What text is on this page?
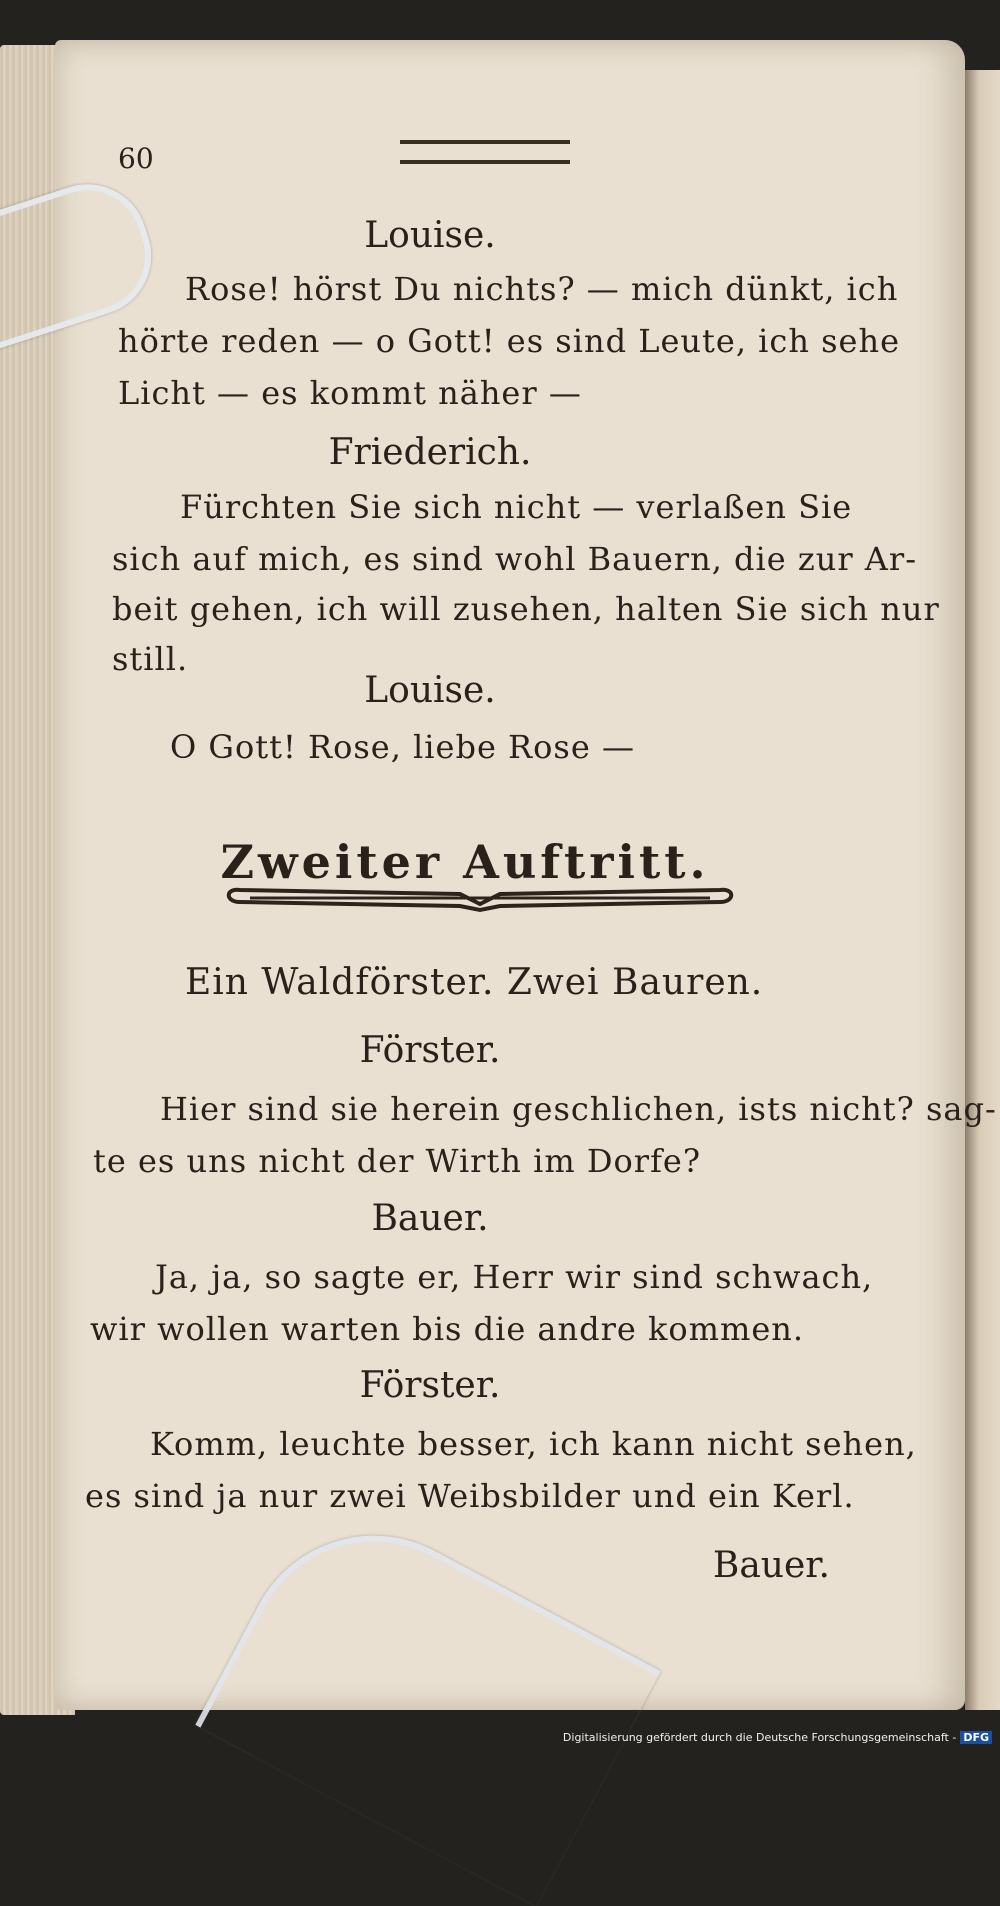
60
Louise.
Rose! hörst Du nichts? — mich dünkt, ich
hörte reden — o Gott! es sind Leute, ich sehe
Licht — es kommt näher —
Friederich.
Fürchten Sie sich nicht — verlaßen Sie
sich auf mich, es sind wohl Bauern, die zur Ar-
beit gehen, ich will zusehen, halten Sie sich nur
still.
Louise.
O Gott! Rose, liebe Rose —
Zweiter Auftritt.
Ein Waldförster. Zwei Bauren.
Förster.
Hier sind sie herein geschlichen, ists nicht? sag-
te es uns nicht der Wirth im Dorfe?
Bauer.
Ja, ja, so sagte er, Herr wir sind schwach,
wir wollen warten bis die andre kommen.
Förster.
Komm, leuchte besser, ich kann nicht sehen,
es sind ja nur zwei Weibsbilder und ein Kerl.
Bauer.
Digitalisierung gefördert durch die Deutsche Forschungsgemeinschaft - DFG
